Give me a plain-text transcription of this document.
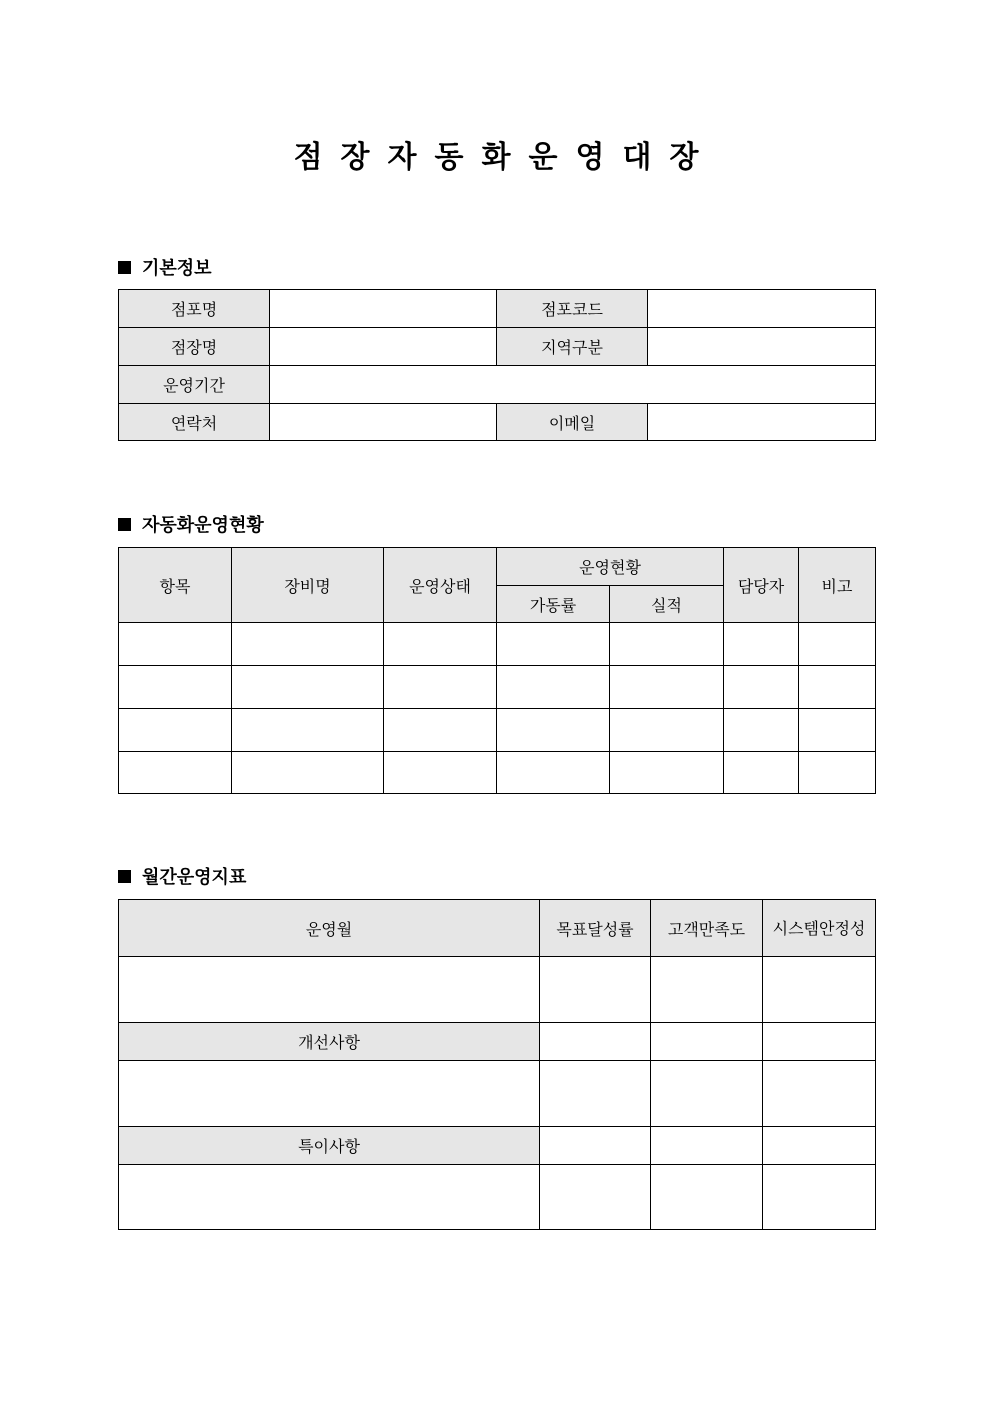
점 장 자 동 화 운 영 대 장
기본정보
점포명		점포코드	
점장명		지역구분	
운영기간			
연락처		이메일	
자동화운영현황
항목	장비명	운영상태	운영현황		담당자	비고
			가동률	실적		

월간운영지표
운영월	목표달성률	고객만족도	시스템안정성

개선사항			

특이사항			
